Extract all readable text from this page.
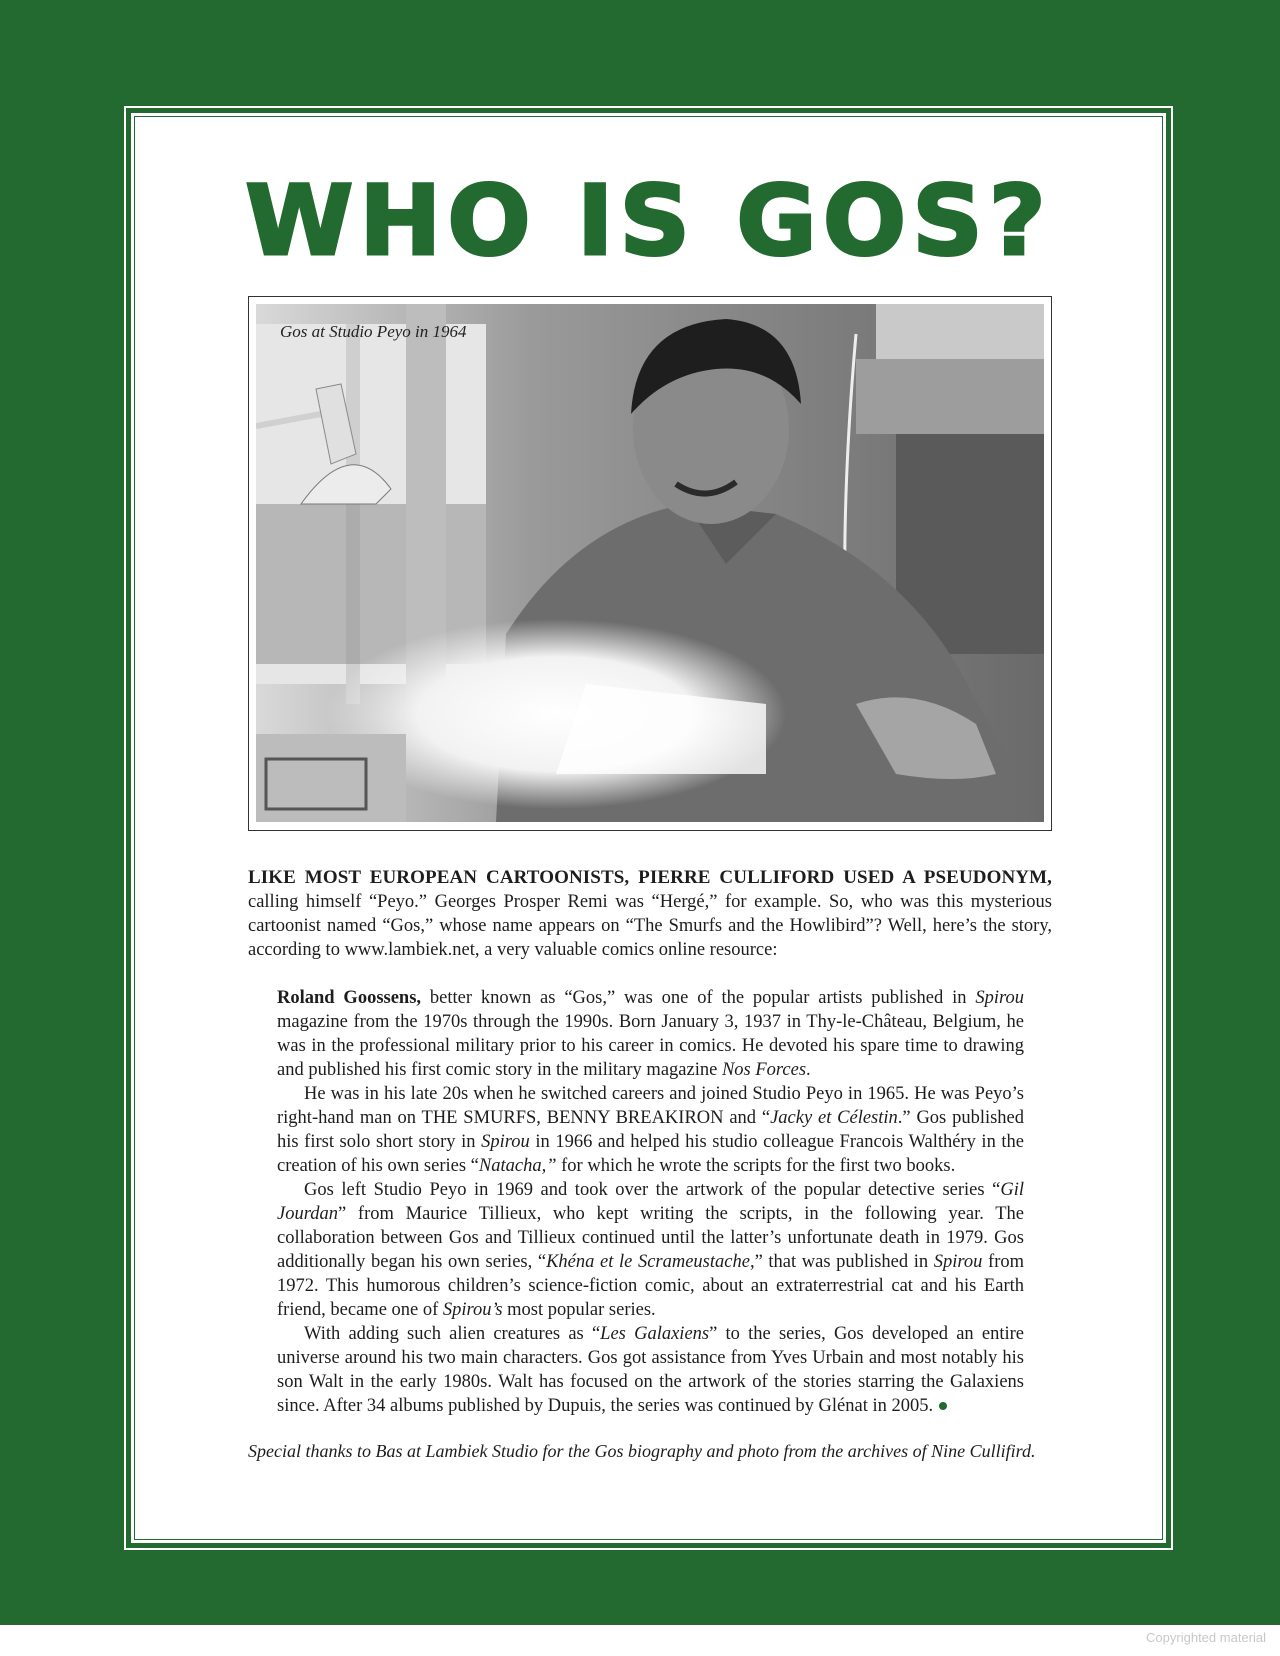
Copyrighted material
WHO IS GOS?
Gos at Studio Peyo in 1964

LIKE MOST EUROPEAN CARTOONISTS, PIERRE CULLIFORD USED A PSEUDONYM, calling himself “Peyo.” Georges Prosper Remi was “Hergé,” for example. So, who was this mysterious cartoonist named “Gos,” whose name appears on “The Smurfs and the Howlibird”? Well, here’s the story, according to www.lambiek.net, a very valuable comics online resource:

Roland Goossens, better known as “Gos,” was one of the popular artists published in Spirou magazine from the 1970s through the 1990s. Born January 3, 1937 in Thy-le-Château, Belgium, he was in the professional military prior to his career in comics. He devoted his spare time to drawing and published his first comic story in the military magazine Nos Forces.

He was in his late 20s when he switched careers and joined Studio Peyo in 1965. He was Peyo’s right-hand man on THE SMURFS, BENNY BREAKIRON and “Jacky et Célestin.” Gos published his first solo short story in Spirou in 1966 and helped his studio colleague Francois Walthéry in the creation of his own series “Natacha,” for which he wrote the scripts for the first two books.

Gos left Studio Peyo in 1969 and took over the artwork of the popular detective series “Gil Jourdan” from Maurice Tillieux, who kept writing the scripts, in the following year. The collaboration between Gos and Tillieux continued until the latter’s unfortunate death in 1979. Gos additionally began his own series, “Khéna et le Scrameustache,” that was published in Spirou from 1972. This humorous children’s science-fiction comic, about an extraterrestrial cat and his Earth friend, became one of Spirou’s most popular series.

With adding such alien creatures as “Les Galaxiens” to the series, Gos developed an entire universe around his two main characters. Gos got assistance from Yves Urbain and most notably his son Walt in the early 1980s. Walt has focused on the artwork of the stories starring the Galaxiens since. After 34 albums published by Dupuis, the series was continued by Glénat in 2005.

Special thanks to Bas at Lambiek Studio for the Gos biography and photo from the archives of Nine Cullifird.
